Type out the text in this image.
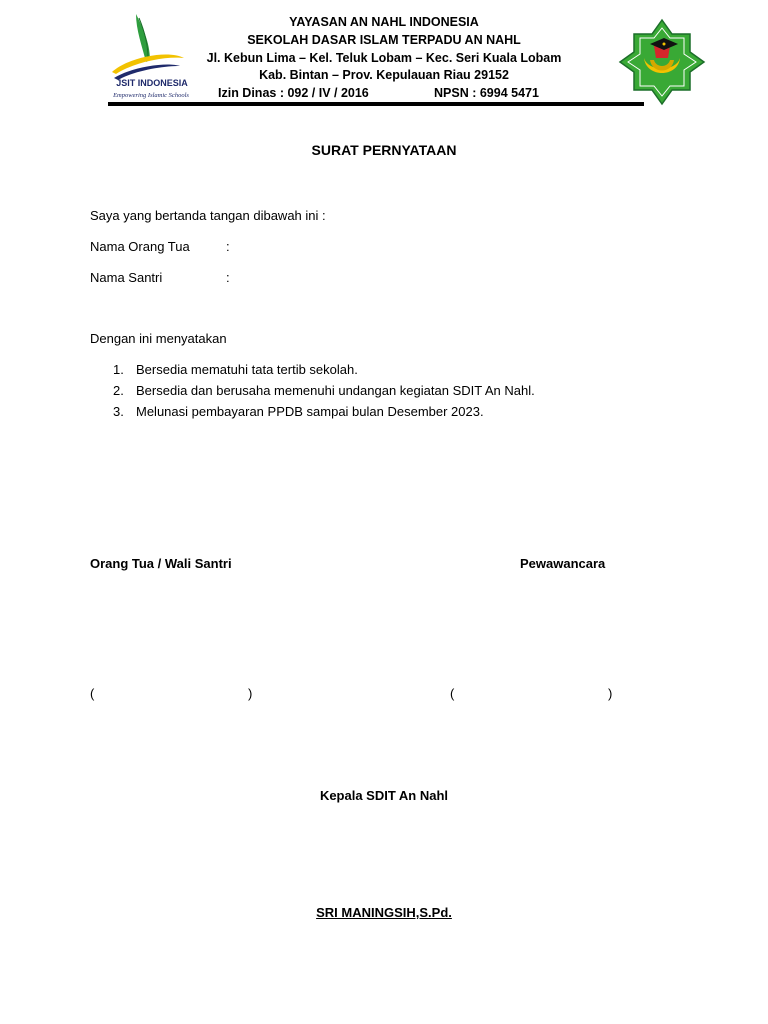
JSIT INDONESIA
Empowering Islamic Schools
YAYASAN AN NAHL INDONESIA
SEKOLAH DASAR ISLAM TERPADU AN NAHL
Jl. Kebun Lima – Kel. Teluk Lobam – Kec. Seri Kuala Lobam
Kab. Bintan – Prov. Kepulauan Riau 29152
Izin Dinas : 092 / IV / 2016	NPSN : 6994 5471
SURAT PERNYATAAN
Saya yang bertanda tangan dibawah ini :
Nama Orang Tua	:
Nama Santri	:
Dengan ini menyatakan
1. Bersedia mematuhi tata tertib sekolah.
2. Bersedia dan berusaha memenuhi undangan kegiatan SDIT An Nahl.
3. Melunasi pembayaran PPDB sampai bulan Desember 2023.
Orang Tua / Wali Santri	Pewawancara
(	)	(	)
Kepala SDIT An Nahl
SRI MANINGSIH,S.Pd.
